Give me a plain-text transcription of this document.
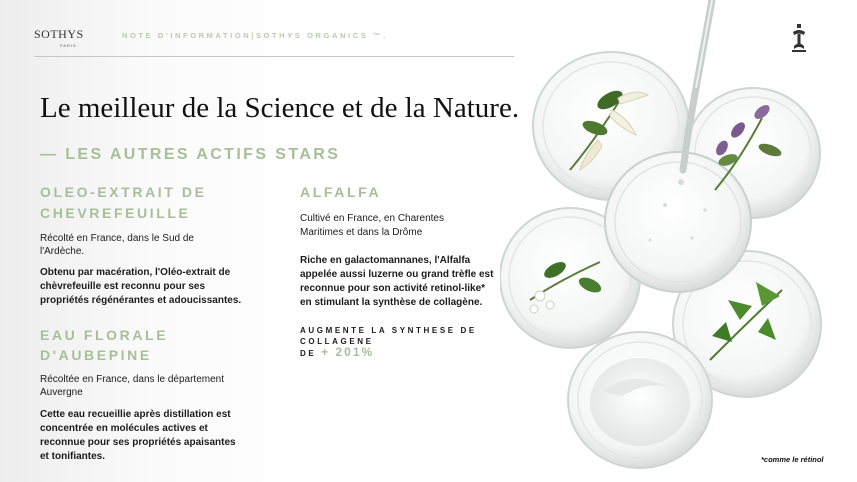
SOTHYS
PARIS
NOTE D'INFORMATION|SOTHYS ORGANICS ™.
Le meilleur de la Science et de la Nature.
— LES AUTRES ACTIFS STARS
OLEO-EXTRAIT DE
CHEVREFEUILLE
Récolté en France, dans le Sud de
l'Ardèche.
Obtenu par macération, l'Oléo-extrait de
chèvrefeuille est reconnu pour ses
propriétés régénérantes et adoucissantes.
EAU FLORALE
D'AUBEPINE
Récoltée en France, dans le département
Auvergne
Cette eau recueillie après distillation est
concentrée en molécules actives et
reconnue pour ses propriétés apaisantes
et tonifiantes.
ALFALFA
Cultivé en France, en Charentes
Maritimes et dans la Drôme
Riche en galactomannanes, l'Alfalfa
appelée aussi luzerne ou grand trèfle est
reconnue pour son activité retinol-like*
en stimulant la synthèse de collagène.
AUGMENTE LA SYNTHESE DE
COLLAGENE
DE + 201%
*comme le rétinol
